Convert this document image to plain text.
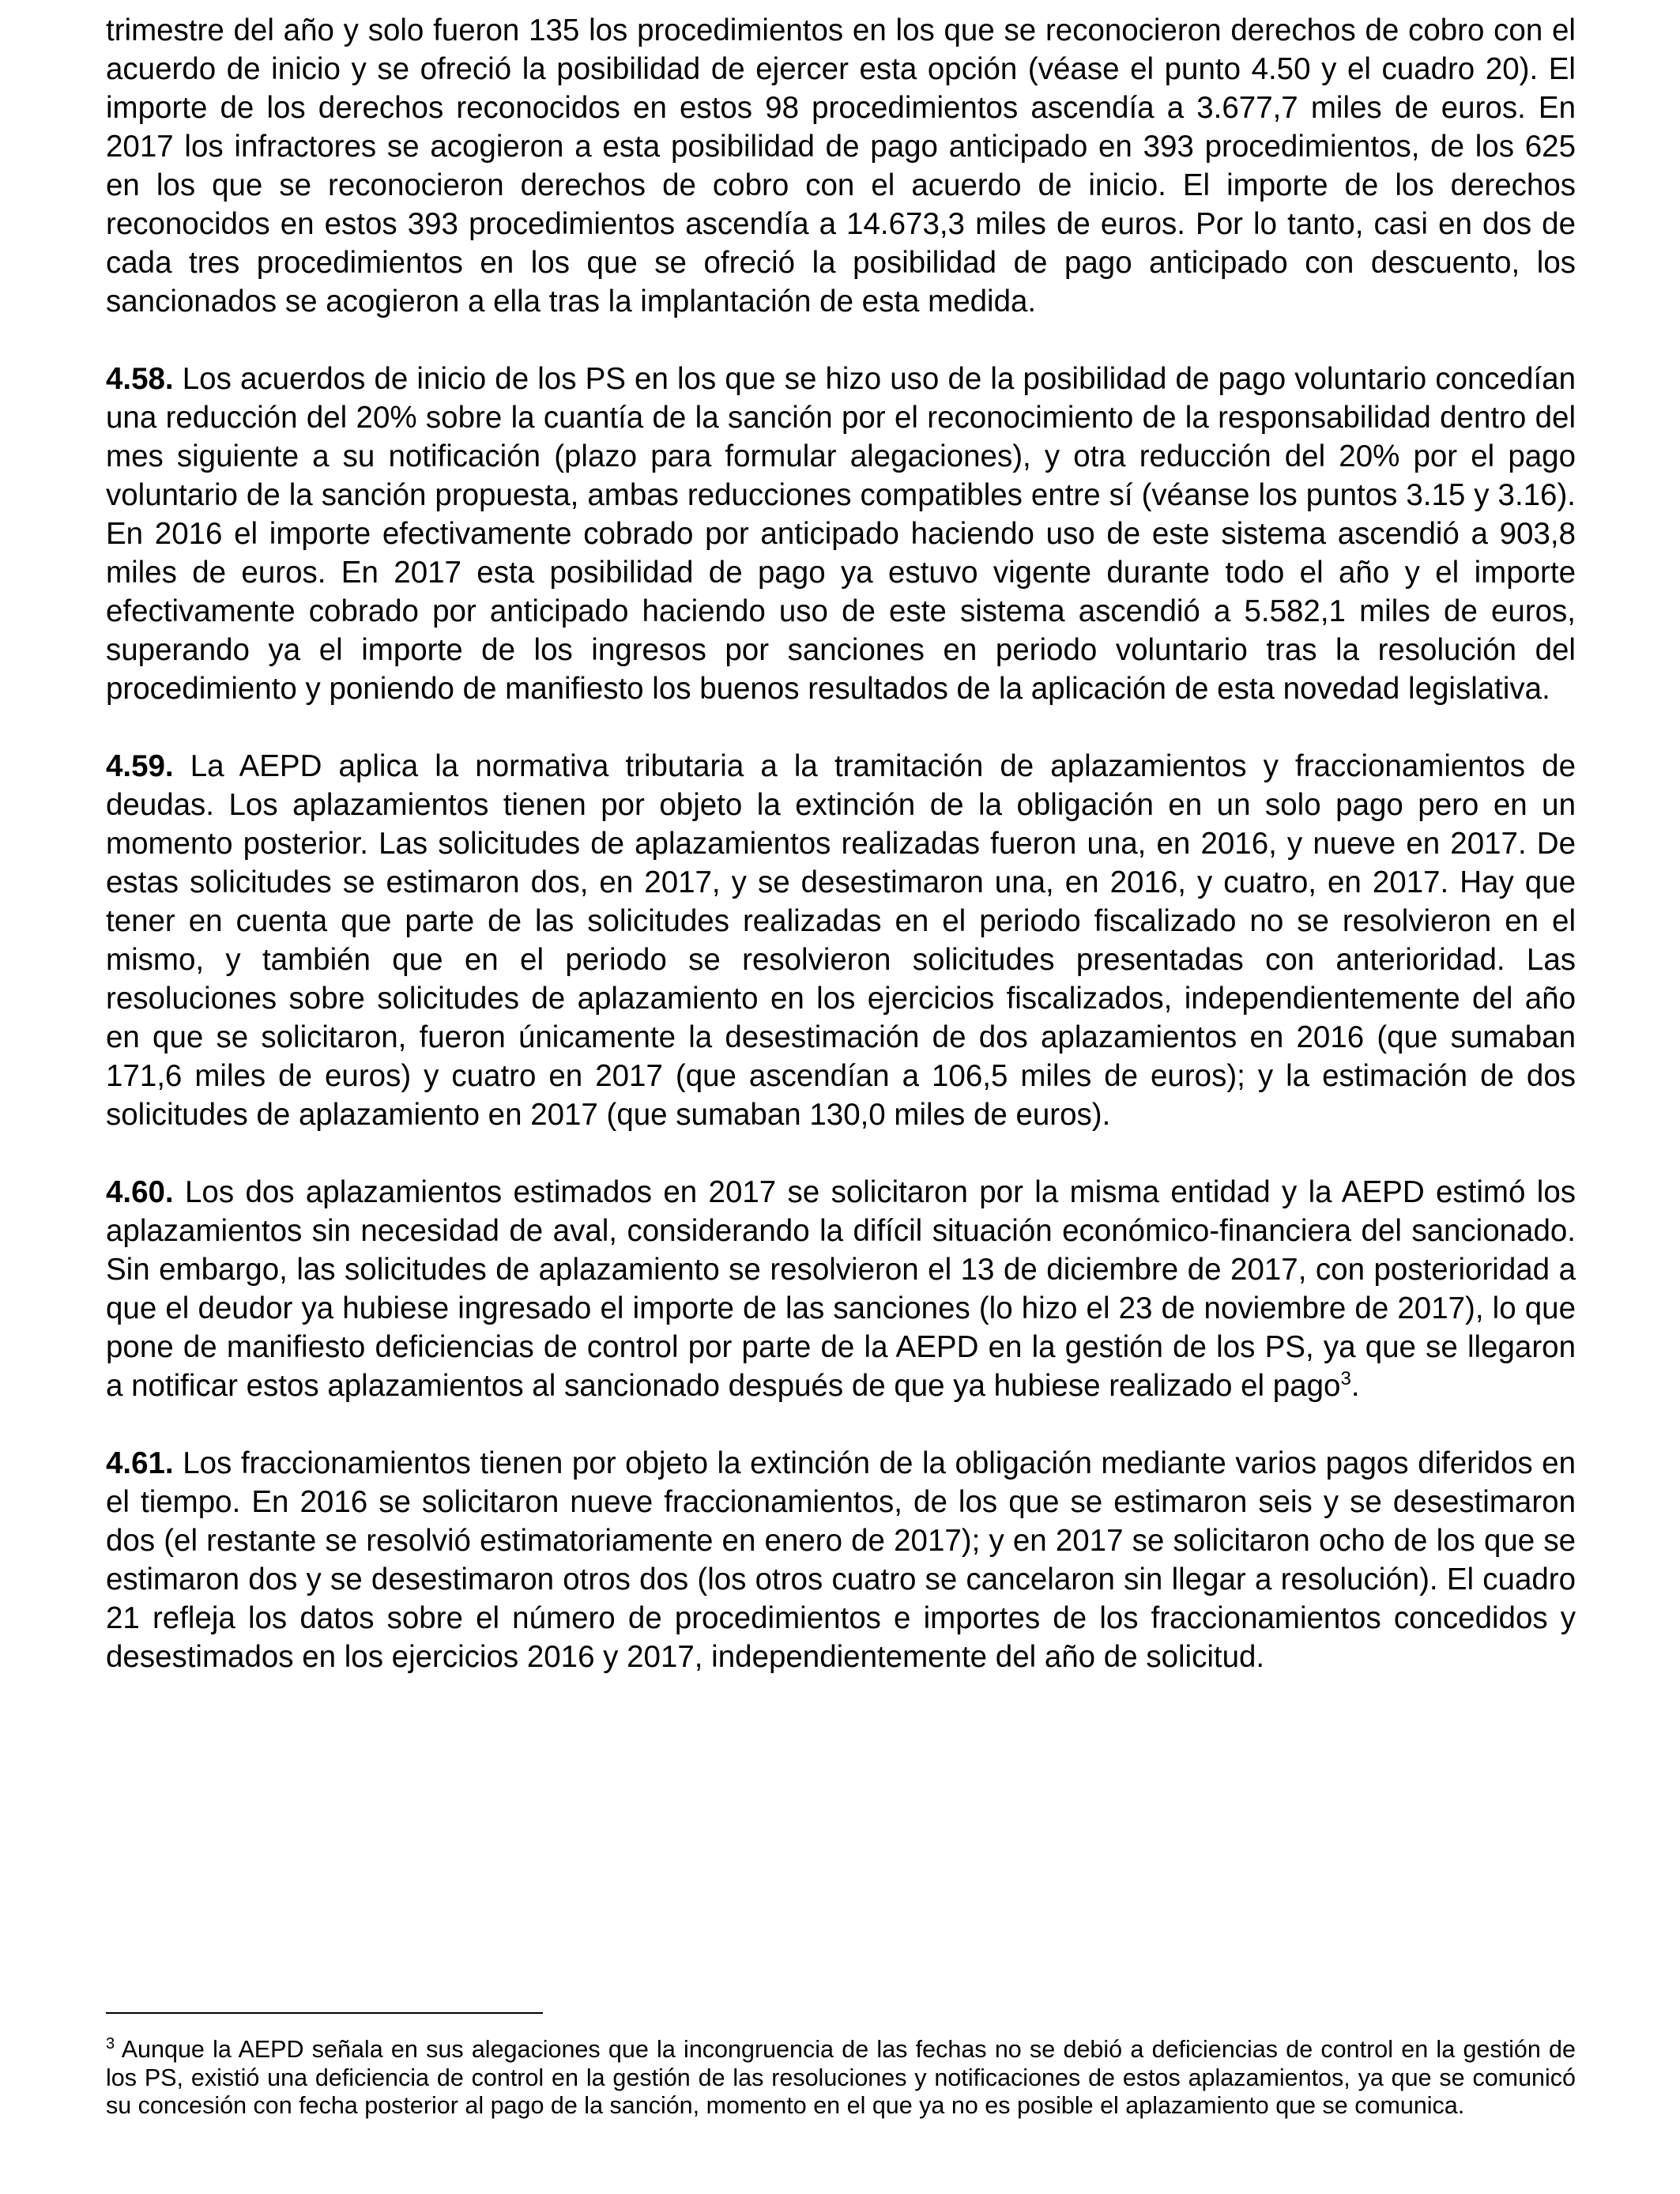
trimestre del año y solo fueron 135 los procedimientos en los que se reconocieron derechos de cobro con el acuerdo de inicio y se ofreció la posibilidad de ejercer esta opción (véase el punto 4.50 y el cuadro 20). El importe de los derechos reconocidos en estos 98 procedimientos ascendía a 3.677,7 miles de euros. En 2017 los infractores se acogieron a esta posibilidad de pago anticipado en 393 procedimientos, de los 625 en los que se reconocieron derechos de cobro con el acuerdo de inicio. El importe de los derechos reconocidos en estos 393 procedimientos ascendía a 14.673,3 miles de euros. Por lo tanto, casi en dos de cada tres procedimientos en los que se ofreció la posibilidad de pago anticipado con descuento, los sancionados se acogieron a ella tras la implantación de esta medida.

4.58. Los acuerdos de inicio de los PS en los que se hizo uso de la posibilidad de pago voluntario concedían una reducción del 20% sobre la cuantía de la sanción por el reconocimiento de la responsabilidad dentro del mes siguiente a su notificación (plazo para formular alegaciones), y otra reducción del 20% por el pago voluntario de la sanción propuesta, ambas reducciones compatibles entre sí (véanse los puntos 3.15 y 3.16). En 2016 el importe efectivamente cobrado por anticipado haciendo uso de este sistema ascendió a 903,8 miles de euros. En 2017 esta posibilidad de pago ya estuvo vigente durante todo el año y el importe efectivamente cobrado por anticipado haciendo uso de este sistema ascendió a 5.582,1 miles de euros, superando ya el importe de los ingresos por sanciones en periodo voluntario tras la resolución del procedimiento y poniendo de manifiesto los buenos resultados de la aplicación de esta novedad legislativa.

4.59. La AEPD aplica la normativa tributaria a la tramitación de aplazamientos y fraccionamientos de deudas. Los aplazamientos tienen por objeto la extinción de la obligación en un solo pago pero en un momento posterior. Las solicitudes de aplazamientos realizadas fueron una, en 2016, y nueve en 2017. De estas solicitudes se estimaron dos, en 2017, y se desestimaron una, en 2016, y cuatro, en 2017. Hay que tener en cuenta que parte de las solicitudes realizadas en el periodo fiscalizado no se resolvieron en el mismo, y también que en el periodo se resolvieron solicitudes presentadas con anterioridad. Las resoluciones sobre solicitudes de aplazamiento en los ejercicios fiscalizados, independientemente del año en que se solicitaron, fueron únicamente la desestimación de dos aplazamientos en 2016 (que sumaban 171,6 miles de euros) y cuatro en 2017 (que ascendían a 106,5 miles de euros); y la estimación de dos solicitudes de aplazamiento en 2017 (que sumaban 130,0 miles de euros).

4.60. Los dos aplazamientos estimados en 2017 se solicitaron por la misma entidad y la AEPD estimó los aplazamientos sin necesidad de aval, considerando la difícil situación económico-financiera del sancionado. Sin embargo, las solicitudes de aplazamiento se resolvieron el 13 de diciembre de 2017, con posterioridad a que el deudor ya hubiese ingresado el importe de las sanciones (lo hizo el 23 de noviembre de 2017), lo que pone de manifiesto deficiencias de control por parte de la AEPD en la gestión de los PS, ya que se llegaron a notificar estos aplazamientos al sancionado después de que ya hubiese realizado el pago$^3$.

4.61. Los fraccionamientos tienen por objeto la extinción de la obligación mediante varios pagos diferidos en el tiempo. En 2016 se solicitaron nueve fraccionamientos, de los que se estimaron seis y se desestimaron dos (el restante se resolvió estimatoriamente en enero de 2017); y en 2017 se solicitaron ocho de los que se estimaron dos y se desestimaron otros dos (los otros cuatro se cancelaron sin llegar a resolución). El cuadro 21 refleja los datos sobre el número de procedimientos e importes de los fraccionamientos concedidos y desestimados en los ejercicios 2016 y 2017, independientemente del año de solicitud.

$^3$ Aunque la AEPD señala en sus alegaciones que la incongruencia de las fechas no se debió a deficiencias de control en la gestión de los PS, existió una deficiencia de control en la gestión de las resoluciones y notificaciones de estos aplazamientos, ya que se comunicó su concesión con fecha posterior al pago de la sanción, momento en el que ya no es posible el aplazamiento que se comunica.
